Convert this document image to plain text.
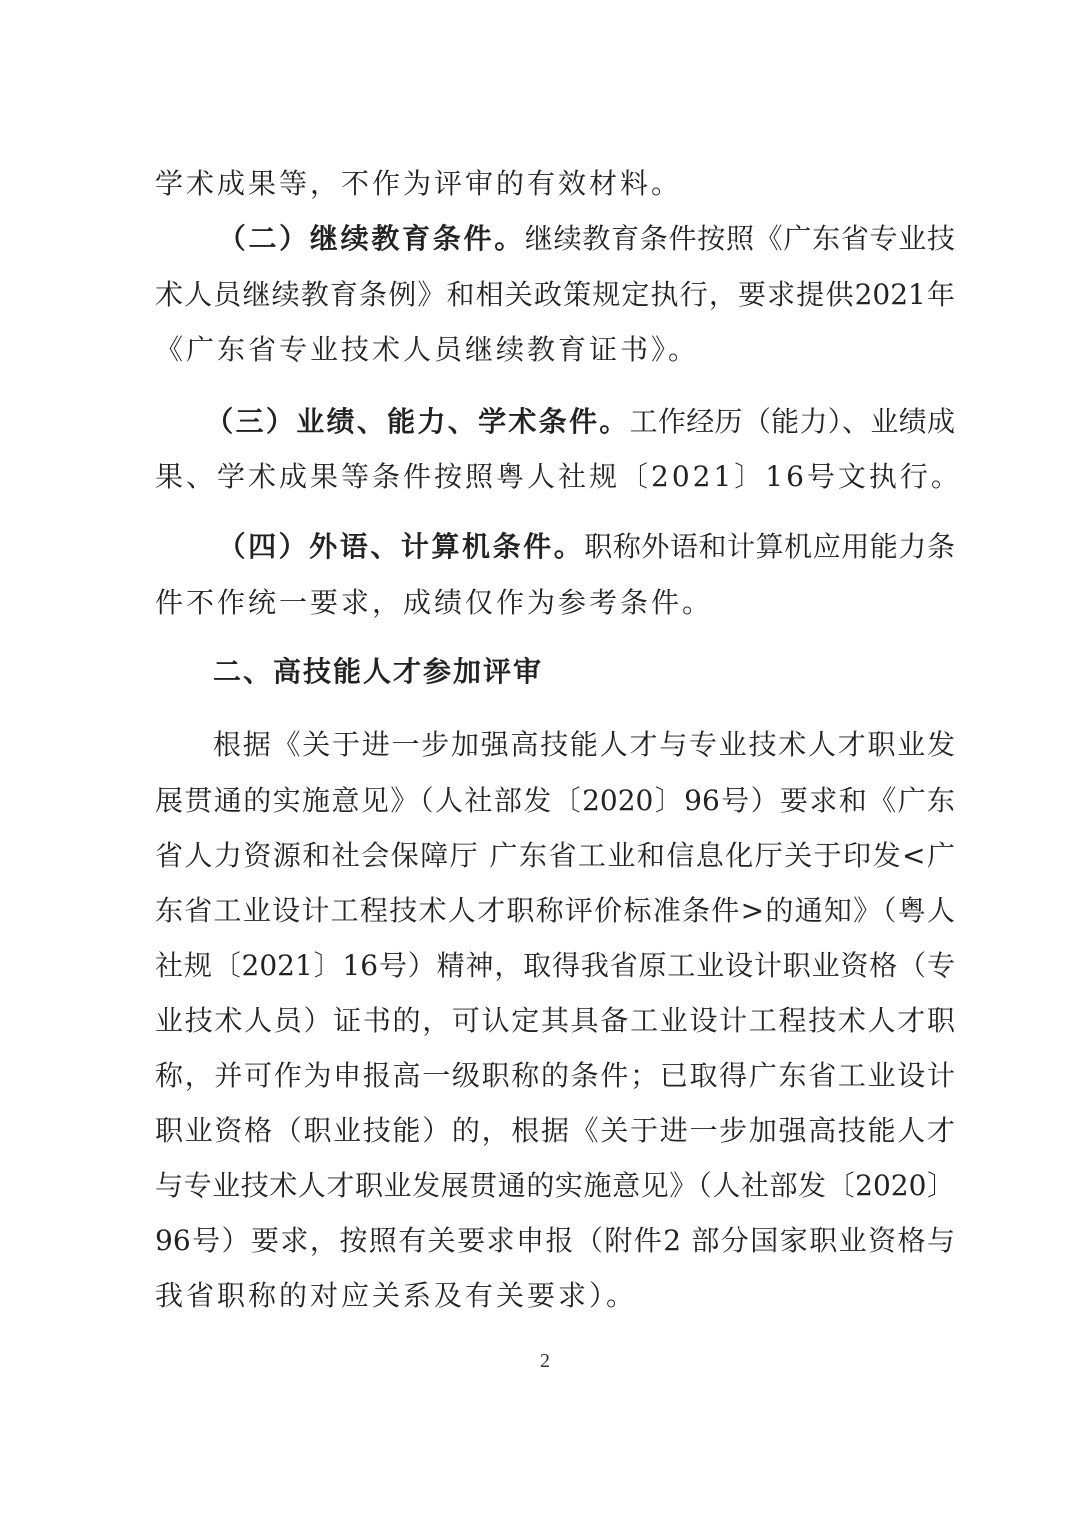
学术成果等，不作为评审的有效材料。
（二）继续教育条件。继续教育条件按照《广东省专业技
术人员继续教育条例》和相关政策规定执行，要求提供2021年
《广东省专业技术人员继续教育证书》。
（三）业绩、能力、学术条件。工作经历（能力）、业绩成
果、学术成果等条件按照粤人社规〔2021〕16号文执行。
（四）外语、计算机条件。职称外语和计算机应用能力条
件不作统一要求，成绩仅作为参考条件。
二、高技能人才参加评审
根据《关于进一步加强高技能人才与专业技术人才职业发
展贯通的实施意见》（人社部发〔2020〕96号）要求和《广东
省人力资源和社会保障厅 广东省工业和信息化厅关于印发<广
东省工业设计工程技术人才职称评价标准条件>的通知》（粤人
社规〔2021〕16号）精神，取得我省原工业设计职业资格（专
业技术人员）证书的，可认定其具备工业设计工程技术人才职
称，并可作为申报高一级职称的条件；已取得广东省工业设计
职业资格（职业技能）的，根据《关于进一步加强高技能人才
与专业技术人才职业发展贯通的实施意见》（人社部发〔2020〕
96号）要求，按照有关要求申报（附件2 部分国家职业资格与
我省职称的对应关系及有关要求）。
2
